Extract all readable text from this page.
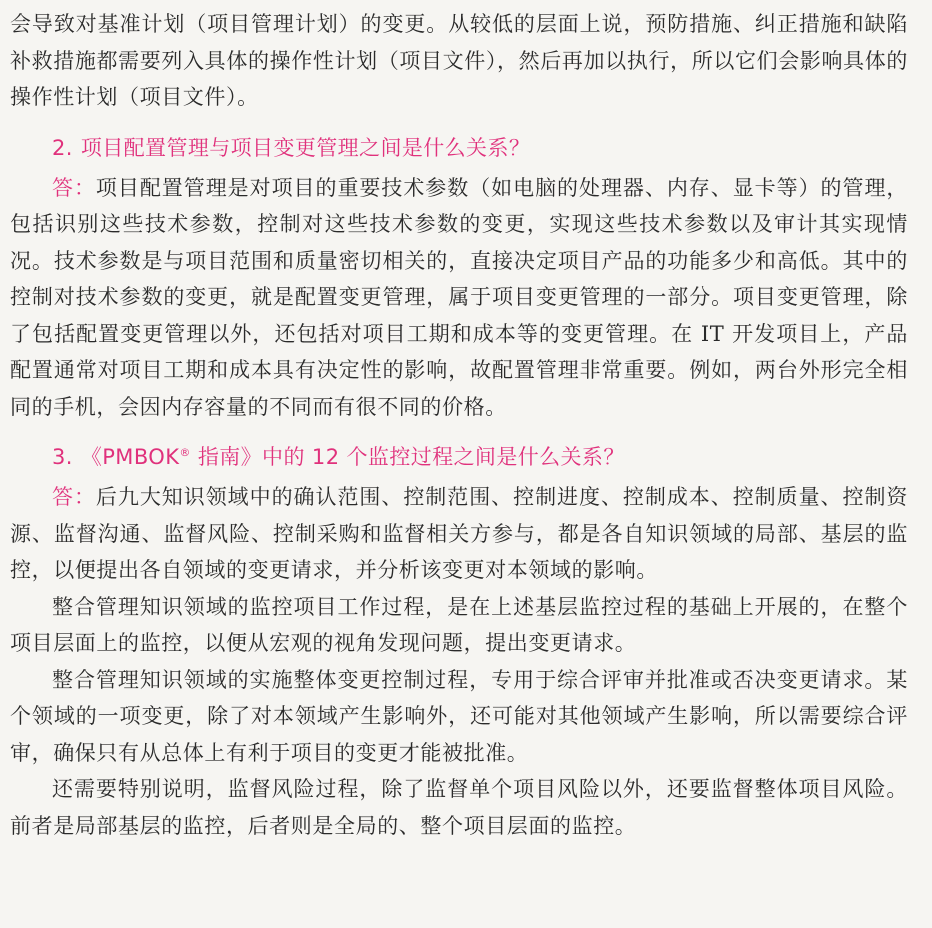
会导致对基准计划（项目管理计划）的变更。从较低的层面上说，预防措施、纠正措施和缺陷补救措施都需要列入具体的操作性计划（项目文件），然后再加以执行，所以它们会影响具体的操作性计划（项目文件）。

2. 项目配置管理与项目变更管理之间是什么关系？

答：项目配置管理是对项目的重要技术参数（如电脑的处理器、内存、显卡等）的管理，包括识别这些技术参数，控制对这些技术参数的变更，实现这些技术参数以及审计其实现情况。技术参数是与项目范围和质量密切相关的，直接决定项目产品的功能多少和高低。其中的控制对技术参数的变更，就是配置变更管理，属于项目变更管理的一部分。项目变更管理，除了包括配置变更管理以外，还包括对项目工期和成本等的变更管理。在 IT 开发项目上，产品配置通常对项目工期和成本具有决定性的影响，故配置管理非常重要。例如，两台外形完全相同的手机，会因内存容量的不同而有很不同的价格。

3. 《PMBOK® 指南》中的 12 个监控过程之间是什么关系？

答：后九大知识领域中的确认范围、控制范围、控制进度、控制成本、控制质量、控制资源、监督沟通、监督风险、控制采购和监督相关方参与，都是各自知识领域的局部、基层的监控，以便提出各自领域的变更请求，并分析该变更对本领域的影响。

整合管理知识领域的监控项目工作过程，是在上述基层监控过程的基础上开展的，在整个项目层面上的监控，以便从宏观的视角发现问题，提出变更请求。

整合管理知识领域的实施整体变更控制过程，专用于综合评审并批准或否决变更请求。某个领域的一项变更，除了对本领域产生影响外，还可能对其他领域产生影响，所以需要综合评审，确保只有从总体上有利于项目的变更才能被批准。

还需要特别说明，监督风险过程，除了监督单个项目风险以外，还要监督整体项目风险。前者是局部基层的监控，后者则是全局的、整个项目层面的监控。
